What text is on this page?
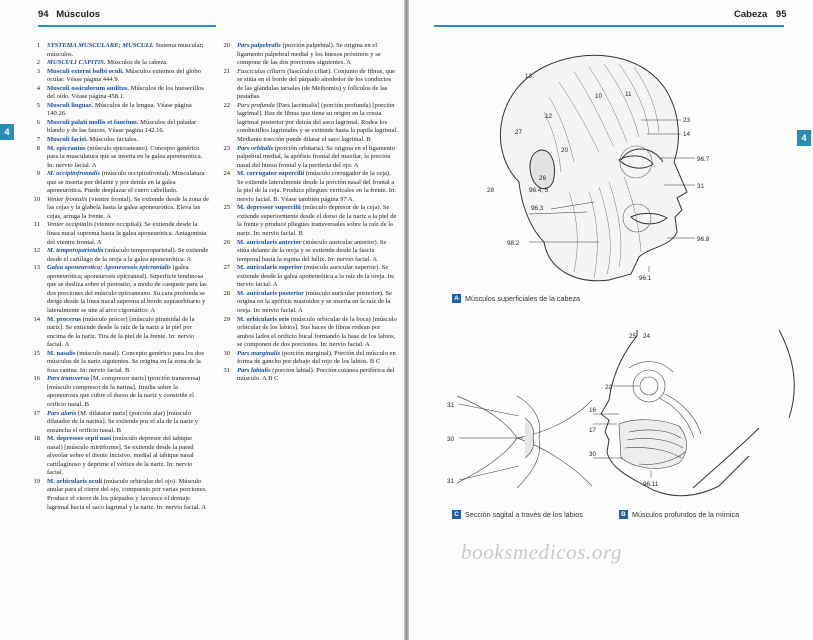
94 Músculos
4

1 SYSTEMA MUSCULARE; MUSCULI. Sistema muscular; músculos.

2 MUSCULI CAPITIS. Músculos de la cabeza.

3 Musculi externi bulbi oculi. Músculos externos del globo ocular. Véase página 444.9.

4 Musculi ossiculorum auditus. Músculos de los huesecillos del oído. Véase página 458.1.

5 Musculi linguae. Músculos de la lengua. Véase página 140.26.

6 Musculi palati mollis et faucium. Músculos del paladar blando y de las fauces. Véase página 142.16.

7 Musculi faciei. Músculos faciales.

8 M. epicranius (músculo epicraneano). Concepto genérico para la musculatura que se inserta en la galea aponeurótica. In: nervio facial. A

9 M. occipitofrontalis (músculo occipitofrontal). Musculatura que se inserta por delante y por detrás en la galea aponeurótica. Puede desplazar el cuero cabelludo.

10 Venter frontalis (vientre frontal). Se extiende desde la zona de las cejas y la glabela hasta la galea aponeurótica. Eleva las cejas, arruga la frente. A

11 Venter occipitalis (vientre occipital). Se extiende desde la línea nucal suprema hasta la galea aponeurótica. Antagonista del vientre frontal. A

12 M. temporoparietalis (músculo temporoparietal). Se extiende desde el cartílago de la oreja a la galea aponeurótica. A

13 Galea aponeurotica; Aponeurosis epicranialis (galea aponeurótica; aponeurosis epicraneal). Superficie tendinosa que se desliza sobre el periostio, a modo de casquete para las dos porciones del músculo epicraneano. Su cara profunda se dirige desde la línea nucal suprema al borde supraorbitario y lateralmente se une al arco cigomático. A

14 M. procerus (músculo prócer) [músculo piramidal de la nariz]. Se extiende desde la raíz de la nariz a la piel por encima de la nariz. Tira de la piel de la frente. In: nervio facial. A

15 M. nasalis (músculo nasal). Concepto genérico para los dos músculos de la nariz siguientes. Se origina en la zona de la fosa canina. In: nervio facial. B

16 Pars transversa [M. compresor naris] (porción transversa) [músculo compresor de la narina]. Irradia sobre la aponeurosis que cubre el dorso de la nariz y constriñe el orificio nasal. B

17 Pars alaris [M. dilatator naris] (porción alar) [músculo dilatador de la narina]. Se extiende por el ala de la nariz y ensancha el orificio nasal. B

18 M. depressor septi nasi (músculo depresor del tabique nasal) [músculo mirtiforme]. Se extiende desde la pared alveolar sobre el diente incisivo, medial al tabique nasal cartilaginoso y deprime el vértice de la nariz. In: nervio facial.

19 M. orbicularis oculi (músculo orbicular del ojo). Músculo anular para el cierre del ojo, compuesto por varias porciones. Produce el cierre de los párpados y favorece el drenaje lagrimal hacia el saco lagrimal y la nariz. In: nervio facial. A

20 Pars palpebralis (porción palpebral). Se origina en el ligamento palpebral medial y los huesos próximos y se compone de las dos porciones siguientes. A

21 Fasciculus ciliaris (fascículo ciliar). Conjunto de fibras, que se sitúa en el borde del párpado alrededor de los conductos de las glándulas tarsales (de Meibomio) y folículos de las pestañas.

22 Pars profunda [Pars lacrimalis] (porción profunda) [porción lagrimal]. Haz de fibras que tiene su origen en la cresta lagrimal posterior por detrás del saco lagrimal. Rodea los conductillos lagrimales y se extiende hasta la papila lagrimal. Mediante tracción puede dilatar el saco lagrimal. B

23 Pars orbitalis (porción orbitaria). Se origina en el ligamento palpebral medial, la apófisis frontal del maxilar, la porción nasal del hueso frontal y la periferia del ojo. A

24 M. corrugator supercilii (músculo corrugador de la ceja). Se extiende lateralmente desde la porción nasal del frontal a la piel de la ceja. Produce pliegues verticales en la frente. In: nervio facial. B. Véase también página 97 A.

25 M. depressor supercilii (músculo depresor de la ceja). Se extiende superiormente desde el dorso de la nariz a la piel de la frente y produce pliegues transversales sobre la raíz de la nariz. In: nervio facial. B

26 M. auricularis anterior (músculo auricular anterior). Se sitúa delante de la oreja y se extiende desde la fascia temporal hasta la espina del hélix. In: nervio facial. A

27 M. auricularis superior (músculo auricular superior). Se extiende desde la galea aponeurótica a la raíz de la oreja. In: nervio facial. A

28 M. auricularis posterior (músculo auricular posterior). Se origina en la apófisis mastoides y se inserta en la raíz de la oreja. In: nervio facial. A

29 M. orbicularis oris (músculo orbicular de la boca) [músculo orbicular de los labios]. Sus haces de fibras rodean por ambos lados el orificio bucal formando la base de los labios, se componen de dos porciones. In: nervio facial. A

30 Pars marginalis (porción marginal). Porción del músculo en forma de gancho por debajo del rojo de los labios. B C

31 Pars labialis (porción labial). Porción cutánea periférica del músculo. A B C

Cabeza 95
4
13
12
10	11
23
14
27
20
96.7
28
26
96.4, 5
31
96.3
96.8
98.2
96.1
A Músculos superficiales de la cabeza
25 24
22
16
17
30
96.11
31
30
31
C Sección sagital a través de los labios	B Músculos profundos de la mímica
booksmedicos.org
